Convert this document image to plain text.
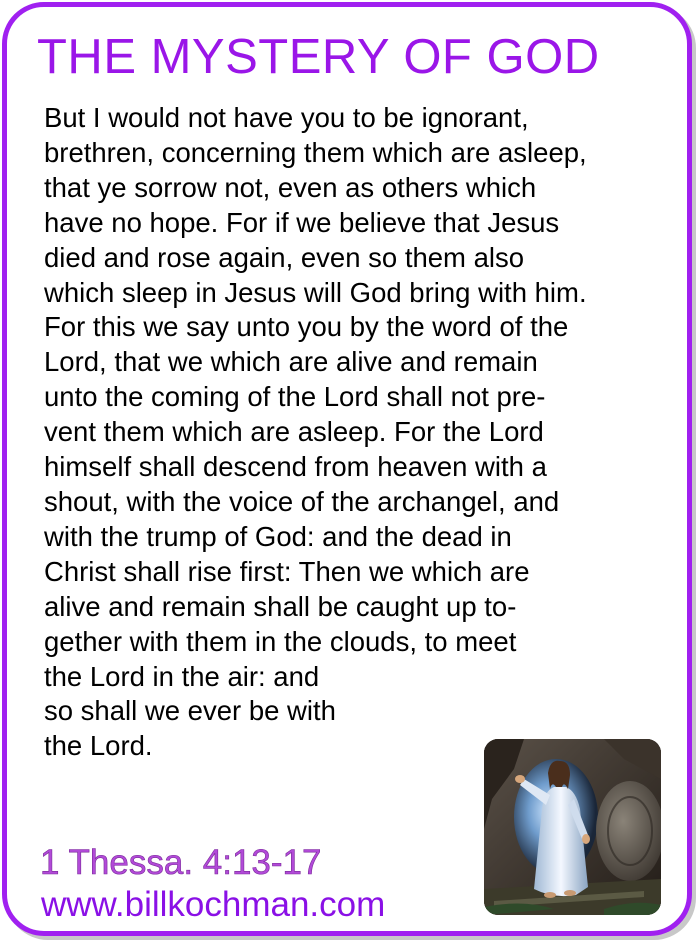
THE MYSTERY OF GOD
But I would not have you to be ignorant,
brethren, concerning them which are asleep,
that ye sorrow not, even as others which
have no hope. For if we believe that Jesus
died and rose again, even so them also
which sleep in Jesus will God bring with him.
For this we say unto you by the word of the
Lord, that we which are alive and remain
unto the coming of the Lord shall not pre-
vent them which are asleep. For the Lord
himself shall descend from heaven with a
shout, with the voice of the archangel, and
with the trump of God: and the dead in
Christ shall rise first: Then we which are
alive and remain shall be caught up to-
gether with them in the clouds, to meet
the Lord in the air: and
so shall we ever be with
the Lord.
1 Thessa. 4:13-17
www.billkochman.com
